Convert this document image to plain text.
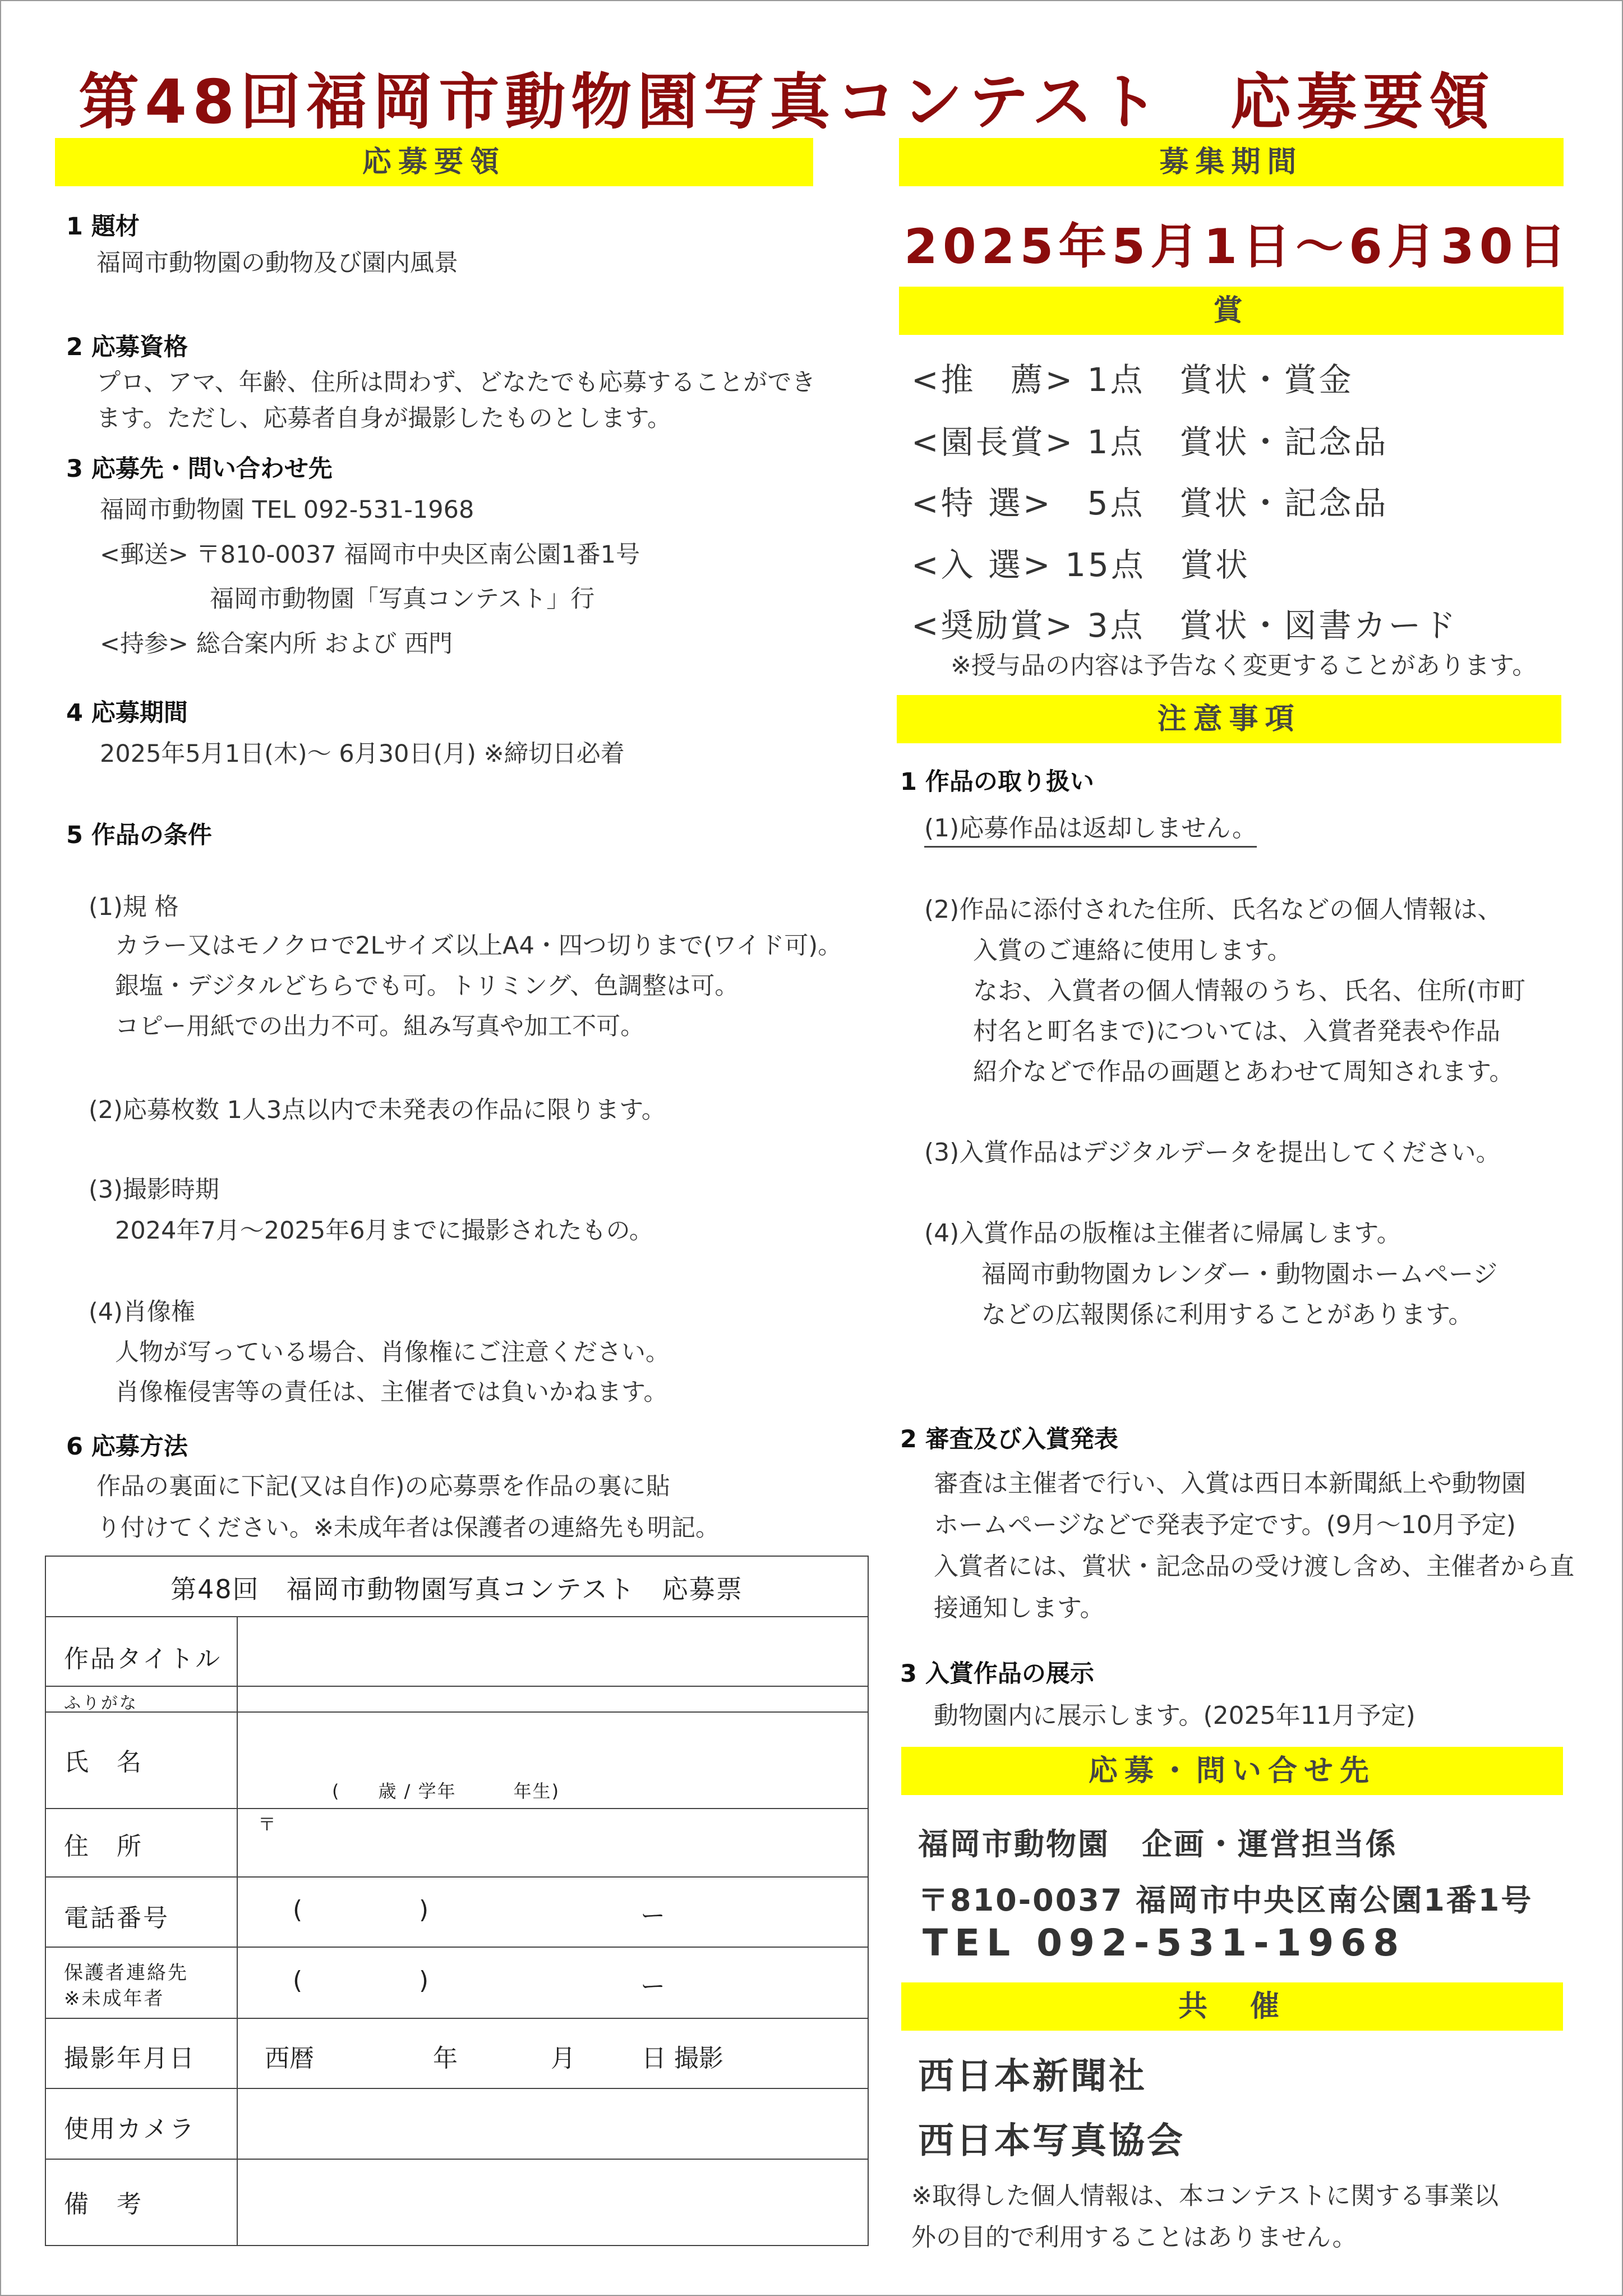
第48回福岡市動物園写真コンテスト　応募要領
応募要領
1 題材
福岡市動物園の動物及び園内風景
2 応募資格
プロ、アマ、年齢、住所は問わず、どなたでも応募することができ
ます。ただし、応募者自身が撮影したものとします。
3 応募先・問い合わせ先
福岡市動物園 TEL 092-531-1968
<郵送> 〒810-0037 福岡市中央区南公園1番1号
福岡市動物園「写真コンテスト」行
<持参> 総合案内所 および 西門
4 応募期間
2025年5月1日(木)～ 6月30日(月) ※締切日必着
5 作品の条件
(1)規 格
カラー又はモノクロで2Lサイズ以上A4・四つ切りまで(ワイド可)。
銀塩・デジタルどちらでも可。トリミング、色調整は可。
コピー用紙での出力不可。組み写真や加工不可。
(2)応募枚数 1人3点以内で未発表の作品に限ります。
(3)撮影時期
2024年7月～2025年6月までに撮影されたもの。
(4)肖像権
人物が写っている場合、肖像権にご注意ください。
肖像権侵害等の責任は、主催者では負いかねます。
6 応募方法
作品の裏面に下記(又は自作)の応募票を作品の裏に貼
り付けてください。※未成年者は保護者の連絡先も明記。
第48回　福岡市動物園写真コンテスト　応募票
作品タイトル
ふりがな
氏　名
(　　歳 / 学年　　　年生)
住　所
〒
電話番号	(	)	ー
保護者連絡先
※未成年者
(	)	ー
撮影年月日	西暦	年	月	日 撮影
使用カメラ
備　考
募集期間
2025年5月1日～6月30日
賞
<推　薦> 1点　賞状・賞金
<園長賞> 1点　賞状・記念品
<特 選>　5点　賞状・記念品
<入 選> 15点　賞状
<奨励賞> 3点　賞状・図書カード
※授与品の内容は予告なく変更することがあります。
注意事項
1 作品の取り扱い
(1)応募作品は返却しません。
(2)作品に添付された住所、氏名などの個人情報は、
入賞のご連絡に使用します。
なお、入賞者の個人情報のうち、氏名、住所(市町
村名と町名まで)については、入賞者発表や作品
紹介などで作品の画題とあわせて周知されます。
(3)入賞作品はデジタルデータを提出してください。
(4)入賞作品の版権は主催者に帰属します。
福岡市動物園カレンダー・動物園ホームページ
などの広報関係に利用することがあります。
2 審査及び入賞発表
審査は主催者で行い、入賞は西日本新聞紙上や動物園
ホームページなどで発表予定です。(9月～10月予定)
入賞者には、賞状・記念品の受け渡し含め、主催者から直
接通知します。
3 入賞作品の展示
動物園内に展示します。(2025年11月予定)
応募・問い合せ先
福岡市動物園　企画・運営担当係
〒810-0037 福岡市中央区南公園1番1号
TEL 092-531-1968
共　催
西日本新聞社
西日本写真協会
※取得した個人情報は、本コンテストに関する事業以
外の目的で利用することはありません。
